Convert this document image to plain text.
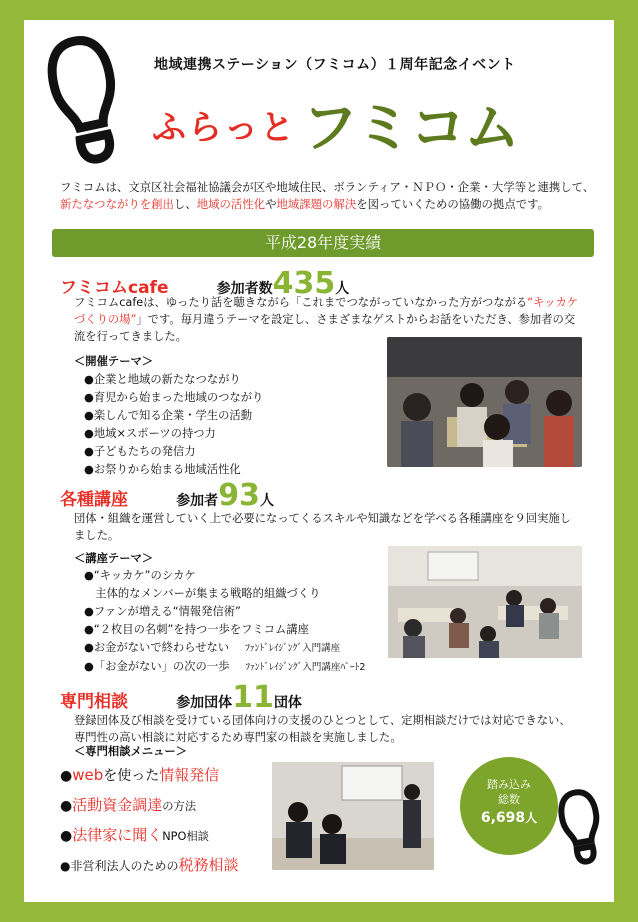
地域連携ステーション（フミコム）１周年記念イベント
ふらっと フミコム
フミコムは、文京区社会福祉協議会が区や地域住民、ボランティア・ＮＰＯ・企業・大学等と連携して、新たなつながりを創出し、地域の活性化や地域課題の解決を図っていくための協働の拠点です。
平成28年度実績
フミコムcafe	参加者数435人
フミコムcafeは、ゆったり話を聴きながら「これまでつながっていなかった方がつながる“キッカケづくりの場”」です。毎月違うテーマを設定し、さまざまなゲストからお話をいただき、参加者の交流を行ってきました。
＜開催テーマ＞
●企業と地域の新たなつながり
●育児から始まった地域のつながり
●楽しんで知る企業・学生の活動
●地域×スポーツの持つ力
●子どもたちの発信力
●お祭りから始まる地域活性化
各種講座	参加者93人
団体・組織を運営していく上で必要になってくるスキルや知識などを学べる各種講座を９回実施しました。
＜講座テーマ＞
●“キッカケ”のシカケ
　主体的なメンバーが集まる戦略的組織づくり
●ファンが増える“情報発信術”
●“２枚目の名刺”を持つ一歩をフミコム講座
●お金がないで終わらせない ﾌｧﾝﾄﾞﾚｲｼﾞﾝｸﾞ入門講座
●「お金がない」の次の一歩 ﾌｧﾝﾄﾞﾚｲｼﾞﾝｸﾞ入門講座ﾊﾟｰﾄ2
専門相談	参加団体11団体
登録団体及び相談を受けている団体向けの支援のひとつとして、定期相談だけでは対応できない、専門性の高い相談に対応するため専門家の相談を実施しました。
＜専門相談メニュー＞
●webを使った情報発信
●活動資金調達の方法
●法律家に聞くNPO相談
●非営利法人のための税務相談
踏み込み
総数
6,698人
